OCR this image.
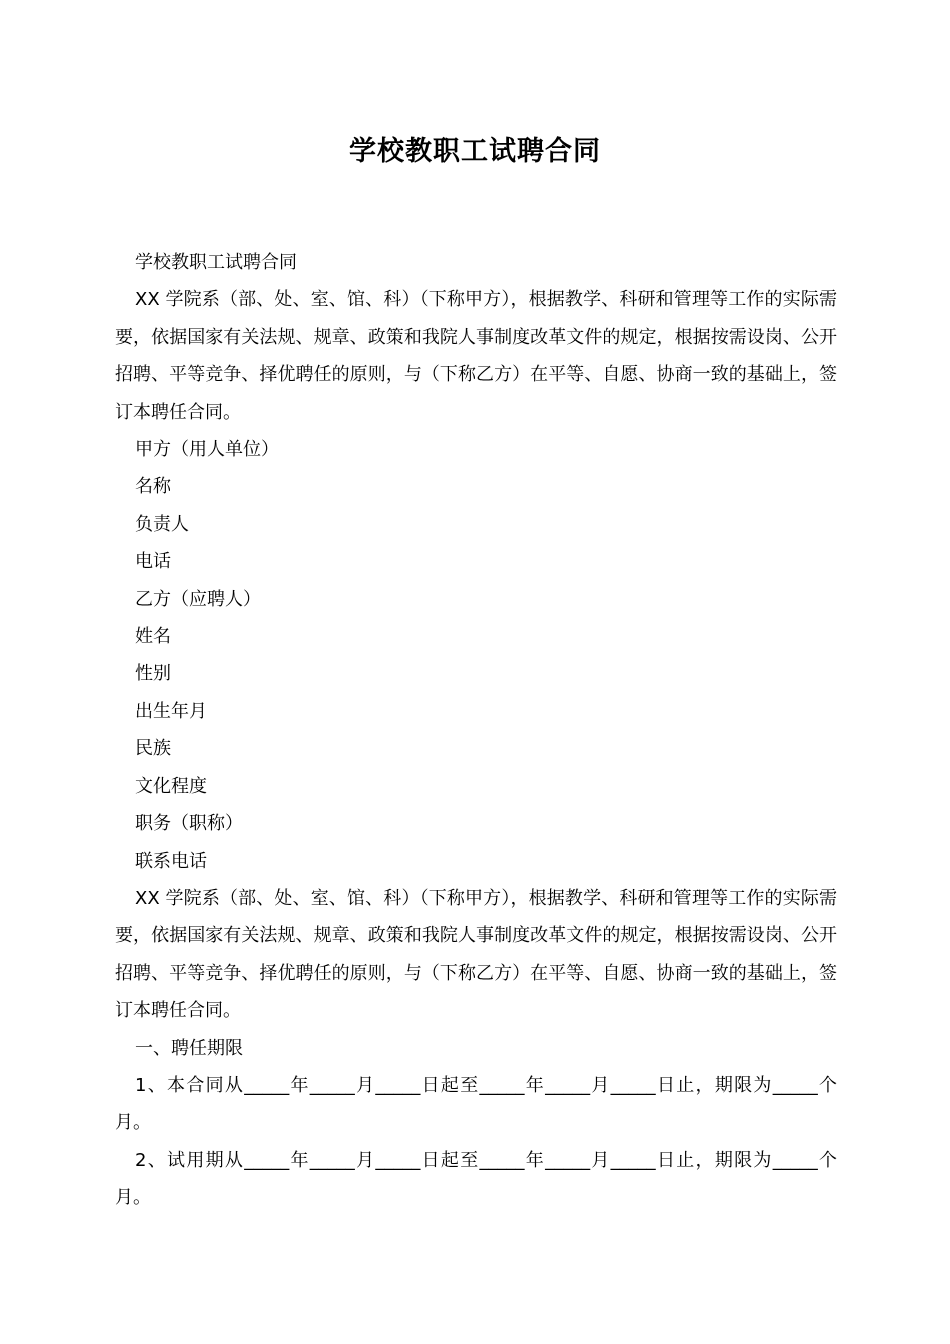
学校教职工试聘合同

学校教职工试聘合同

XX 学院系（部、处、室、馆、科）（下称甲方），根据教学、科研和管理等工作的实际需要，依据国家有关法规、规章、政策和我院人事制度改革文件的规定，根据按需设岗、公开招聘、平等竞争、择优聘任的原则，与（下称乙方）在平等、自愿、协商一致的基础上，签订本聘任合同。

甲方（用人单位）

名称

负责人

电话

乙方（应聘人）

姓名

性别

出生年月

民族

文化程度

职务（职称）

联系电话

XX 学院系（部、处、室、馆、科）（下称甲方），根据教学、科研和管理等工作的实际需要，依据国家有关法规、规章、政策和我院人事制度改革文件的规定，根据按需设岗、公开招聘、平等竞争、择优聘任的原则，与（下称乙方）在平等、自愿、协商一致的基础上，签订本聘任合同。

一、聘任期限

1、本合同从_____年_____月_____日起至_____年_____月_____日止，期限为_____个月。

2、试用期从_____年_____月_____日起至_____年_____月_____日止，期限为_____个月。
